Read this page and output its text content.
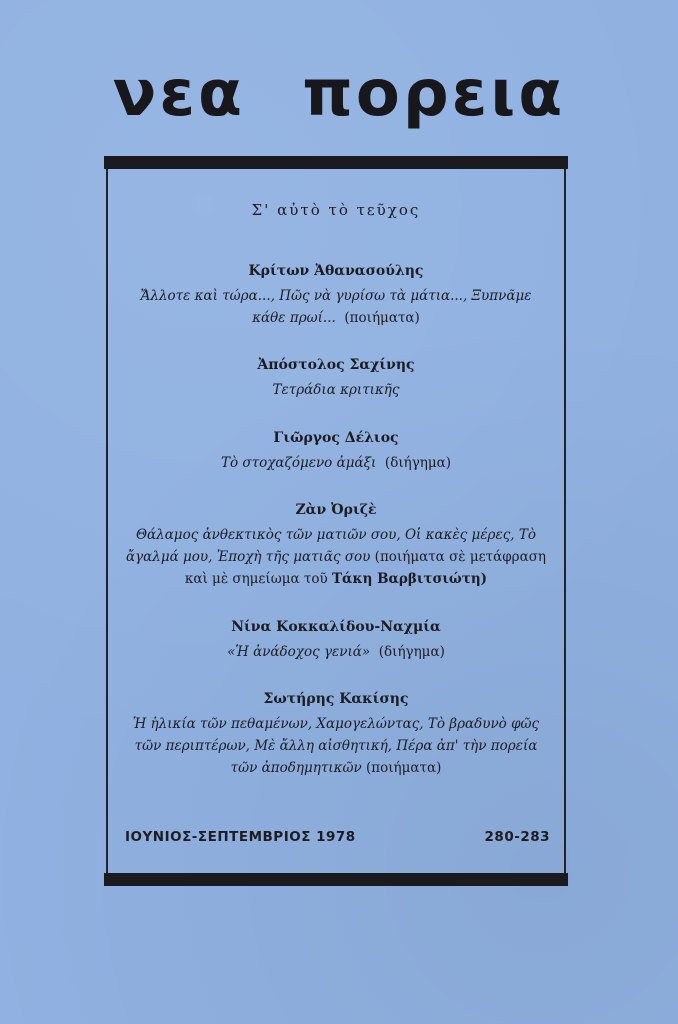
νεα πορεια
Σ' αὐτὸ τὸ τεῦχος

Κρίτων Ἀθανασούλης

Ἄλλοτε καὶ τώρα..., Πῶς νὰ γυρίσω τὰ μάτια..., Ξυπνᾶμε
κάθε πρωί... (ποιήματα)

Ἀπόστολος Σαχίνης

Τετράδια κριτικῆς

Γιῶργος Δέλιος

Τὸ στοχαζόμενο ἀμάξι (διήγημα)

Ζὰν Ὀριζὲ

Θάλαμος ἀνθεκτικὸς τῶν ματιῶν σου, Οἱ κακὲς μέρες, Τὸ
ἄγαλμά μου, Ἐποχὴ τῆς ματιᾶς σου (ποιήματα σὲ μετάφραση
καὶ μὲ σημείωμα τοῦ Τάκη Βαρβιτσιώτη)

Νίνα Κοκκαλίδου-Ναχμία

«Ἡ ἀνάδοχος γενιά» (διήγημα)

Σωτήρης Κακίσης

Ἡ ἡλικία τῶν πεθαμένων, Χαμογελώντας, Τὸ βραδυνὸ φῶς
τῶν περιπτέρων, Μὲ ἄλλη αἰσθητική, Πέρα ἀπ' τὴν πορεία
τῶν ἀποδημητικῶν (ποιήματα)

ΙΟΥΝΙΟΣ-ΣΕΠΤΕΜΒΡΙΟΣ 1978	280-283
